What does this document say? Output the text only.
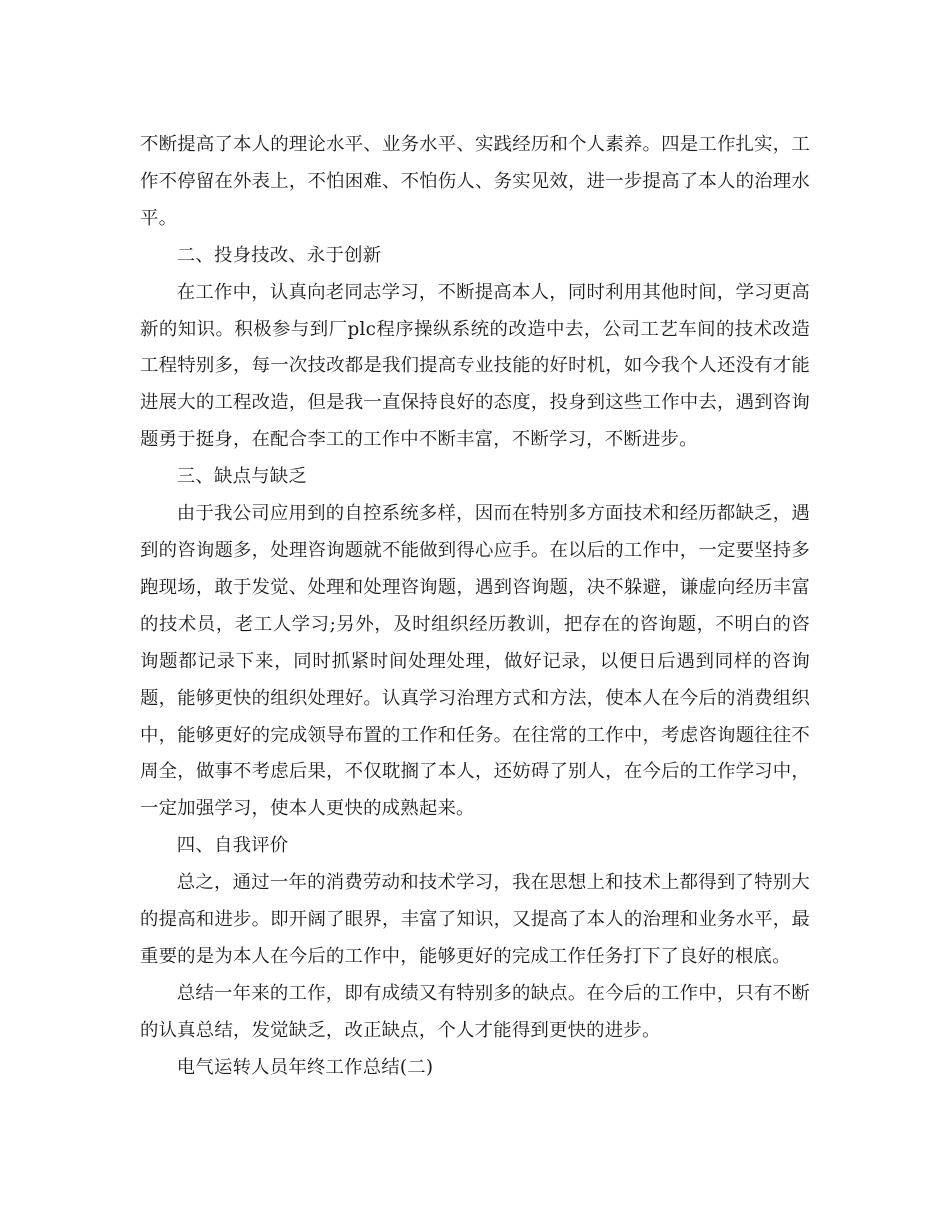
不断提高了本人的理论水平、业务水平、实践经历和个人素养。四是工作扎实，工作不停留在外表上，不怕困难、不怕伤人、务实见效，进一步提高了本人的治理水平。

二、投身技改、永于创新

在工作中，认真向老同志学习，不断提高本人，同时利用其他时间，学习更高新的知识。积极参与到厂plc程序操纵系统的改造中去，公司工艺车间的技术改造工程特别多，每一次技改都是我们提高专业技能的好时机，如今我个人还没有才能进展大的工程改造，但是我一直保持良好的态度，投身到这些工作中去，遇到咨询题勇于挺身，在配合李工的工作中不断丰富，不断学习，不断进步。

三、缺点与缺乏

由于我公司应用到的自控系统多样，因而在特别多方面技术和经历都缺乏，遇到的咨询题多，处理咨询题就不能做到得心应手。在以后的工作中，一定要坚持多跑现场，敢于发觉、处理和处理咨询题，遇到咨询题，决不躲避，谦虚向经历丰富的技术员，老工人学习;另外，及时组织经历教训，把存在的咨询题，不明白的咨询题都记录下来，同时抓紧时间处理处理，做好记录，以便日后遇到同样的咨询题，能够更快的组织处理好。认真学习治理方式和方法，使本人在今后的消费组织中，能够更好的完成领导布置的工作和任务。在往常的工作中，考虑咨询题往往不周全，做事不考虑后果，不仅耽搁了本人，还妨碍了别人，在今后的工作学习中，一定加强学习，使本人更快的成熟起来。

四、自我评价

总之，通过一年的消费劳动和技术学习，我在思想上和技术上都得到了特别大的提高和进步。即开阔了眼界，丰富了知识，又提高了本人的治理和业务水平，最重要的是为本人在今后的工作中，能够更好的完成工作任务打下了良好的根底。

总结一年来的工作，即有成绩又有特别多的缺点。在今后的工作中，只有不断的认真总结，发觉缺乏，改正缺点，个人才能得到更快的进步。

电气运转人员年终工作总结(二)
